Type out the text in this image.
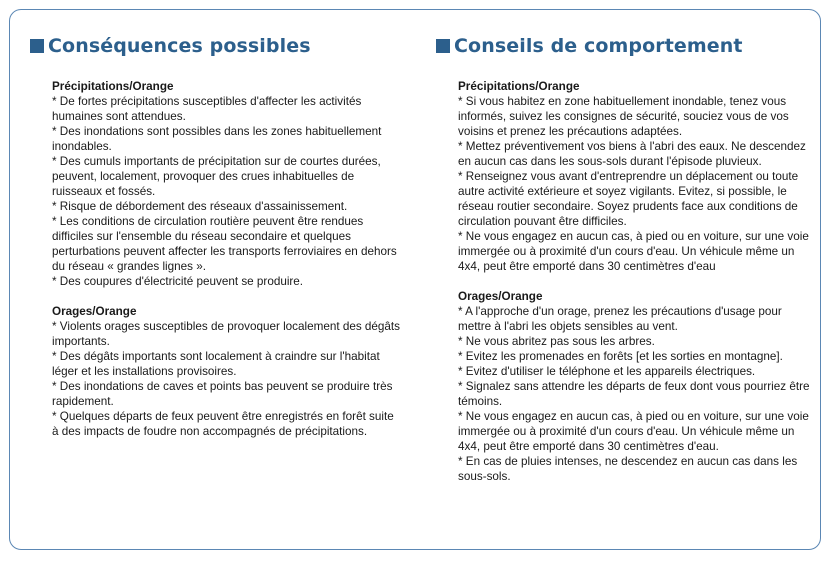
Conséquences possibles
Précipitations/Orange
* De fortes précipitations susceptibles d'affecter les activités humaines sont attendues.
* Des inondations sont possibles dans les zones habituellement inondables.
* Des cumuls importants de précipitation sur de courtes durées, peuvent, localement, provoquer des crues inhabituelles de ruisseaux et fossés.
* Risque de débordement des réseaux d'assainissement.
* Les conditions de circulation routière peuvent être rendues difficiles sur l'ensemble du réseau secondaire et quelques perturbations peuvent affecter les transports ferroviaires en dehors du réseau « grandes lignes ».
* Des coupures d'électricité peuvent se produire.
Orages/Orange
* Violents orages susceptibles de provoquer localement des dégâts importants.
* Des dégâts importants sont localement à craindre sur l'habitat léger et les installations provisoires.
* Des inondations de caves et points bas peuvent se produire très rapidement.
* Quelques départs de feux peuvent être enregistrés en forêt suite à des impacts de foudre non accompagnés de précipitations.
Conseils de comportement
Précipitations/Orange
* Si vous habitez en zone habituellement inondable, tenez vous informés, suivez les consignes de sécurité, souciez vous de vos voisins et prenez les précautions adaptées.
* Mettez préventivement vos biens à l'abri des eaux. Ne descendez en aucun cas dans les sous-sols durant l'épisode pluvieux.
* Renseignez vous avant d'entreprendre un déplacement ou toute autre activité extérieure et soyez vigilants. Evitez, si possible, le réseau routier secondaire. Soyez prudents face aux conditions de circulation pouvant être difficiles.
* Ne vous engagez en aucun cas, à pied ou en voiture, sur une voie immergée ou à proximité d'un cours d'eau. Un véhicule même un 4x4, peut être emporté dans 30 centimètres d'eau
Orages/Orange
* A l'approche d'un orage, prenez les précautions d'usage pour mettre à l'abri les objets sensibles au vent.
* Ne vous abritez pas sous les arbres.
* Evitez les promenades en forêts [et les sorties en montagne].
* Evitez d'utiliser le téléphone et les appareils électriques.
* Signalez sans attendre les départs de feux dont vous pourriez être témoins.
* Ne vous engagez en aucun cas, à pied ou en voiture, sur une voie immergée ou à proximité d'un cours d'eau. Un véhicule même un 4x4, peut être emporté dans 30 centimètres d'eau.
* En cas de pluies intenses, ne descendez en aucun cas dans les sous-sols.
